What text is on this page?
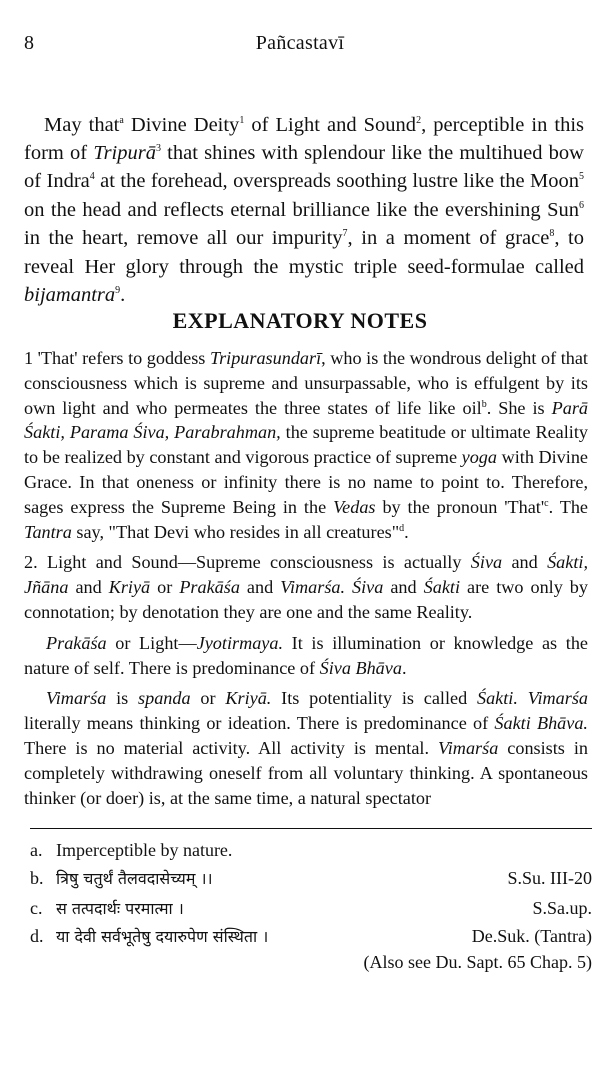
8	Pañcastavī

May that$^a$ Divine Deity$^1$ of Light and Sound$^2$, perceptible in this form of Tripurā$^3$ that shines with splendour like the multihued bow of Indra$^4$ at the forehead, overspreads soothing lustre like the Moon$^5$ on the head and reflects eternal brilliance like the evershining Sun$^6$ in the heart, remove all our impurity$^7$, in a moment of grace$^8$, to reveal Her glory through the mystic triple seed-formulae called bijamantra$^9$.

EXPLANATORY NOTES

1 'That' refers to goddess Tripurasundarī, who is the wondrous delight of that consciousness which is supreme and unsurpassable, who is effulgent by its own light and who permeates the three states of life like oil$^b$. She is Parā Śakti, Parama Śiva, Parabrahman, the supreme beatitude or ultimate Reality to be realized by constant and vigorous practice of supreme yoga with Divine Grace. In that oneness or infinity there is no name to point to. Therefore, sages express the Supreme Being in the Vedas by the pronoun '$That'^c$. The Tantra say, "That Devi who resides in all creatures"$^d$.

2. Light and Sound—Supreme consciousness is actually Śiva and Śakti, Jñāna and Kriyā or Prakāśa and Vimarśa. Śiva and Śakti are two only by connotation; by denotation they are one and the same Reality.

Prakāśa or Light—Jyotirmaya. It is illumination or knowledge as the nature of self. There is predominance of Śiva Bhāva.

Vimarśa is spanda or Kriyā. Its potentiality is called Śakti. Vimarśa literally means thinking or ideation. There is predominance of Śakti Bhāva. There is no material activity. All activity is mental. Vimarśa consists in completely withdrawing oneself from all voluntary thinking. A spontaneous thinker (or doer) is, at the same time, a natural spectator

a. Imperceptible by nature.
b. त्रिषु चतुर्थं तैलवदासेच्यम् ।।	S.Su. III-20
c. स तत्पदार्थः परमात्मा ।	S.Sa.up.
d. या देवी सर्वभूतेषु दयारुपेण संस्थिता ।	De.Suk. (Tantra)
(Also see Du. Sapt. 65 Chap. 5)
